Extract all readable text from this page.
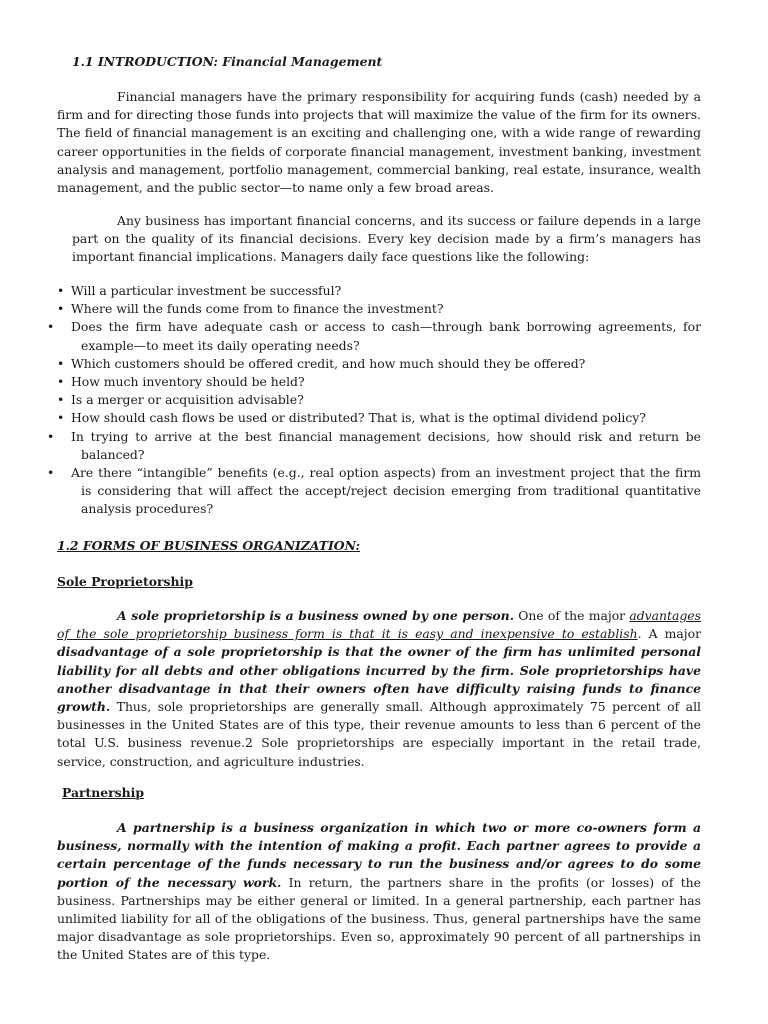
1.1 INTRODUCTION: Financial Management

Financial managers have the primary responsibility for acquiring funds (cash) needed by a firm and for directing those funds into projects that will maximize the value of the firm for its owners. The field of financial management is an exciting and challenging one, with a wide range of rewarding career opportunities in the fields of corporate financial management, investment banking, investment analysis and management, portfolio management, commercial banking, real estate, insurance, wealth management, and the public sector—to name only a few broad areas.

Any business has important financial concerns, and its success or failure depends in a large part on the quality of its financial decisions. Every key decision made by a firm’s managers has important financial implications. Managers daily face questions like the following:

• Will a particular investment be successful?
• Where will the funds come from to finance the investment?
• Does the firm have adequate cash or access to cash—through bank borrowing agreements, for example—to meet its daily operating needs?
• Which customers should be offered credit, and how much should they be offered?
• How much inventory should be held?
• Is a merger or acquisition advisable?
• How should cash flows be used or distributed? That is, what is the optimal dividend policy?
• In trying to arrive at the best financial management decisions, how should risk and return be balanced?
• Are there “intangible” benefits (e.g., real option aspects) from an investment project that the firm is considering that will affect the accept/reject decision emerging from traditional quantitative analysis procedures?

1.2 FORMS OF BUSINESS ORGANIZATION:

Sole Proprietorship

A sole proprietorship is a business owned by one person. One of the major advantages of the sole proprietorship business form is that it is easy and inexpensive to establish. A major disadvantage of a sole proprietorship is that the owner of the firm has unlimited personal liability for all debts and other obligations incurred by the firm. Sole proprietorships have another disadvantage in that their owners often have difficulty raising funds to finance growth. Thus, sole proprietorships are generally small. Although approximately 75 percent of all businesses in the United States are of this type, their revenue amounts to less than 6 percent of the total U.S. business revenue.2 Sole proprietorships are especially important in the retail trade, service, construction, and agriculture industries.

Partnership

A partnership is a business organization in which two or more co-owners form a business, normally with the intention of making a profit. Each partner agrees to provide a certain percentage of the funds necessary to run the business and/or agrees to do some portion of the necessary work. In return, the partners share in the profits (or losses) of the business. Partnerships may be either general or limited. In a general partnership, each partner has unlimited liability for all of the obligations of the business. Thus, general partnerships have the same major disadvantage as sole proprietorships. Even so, approximately 90 percent of all partnerships in the United States are of this type.
